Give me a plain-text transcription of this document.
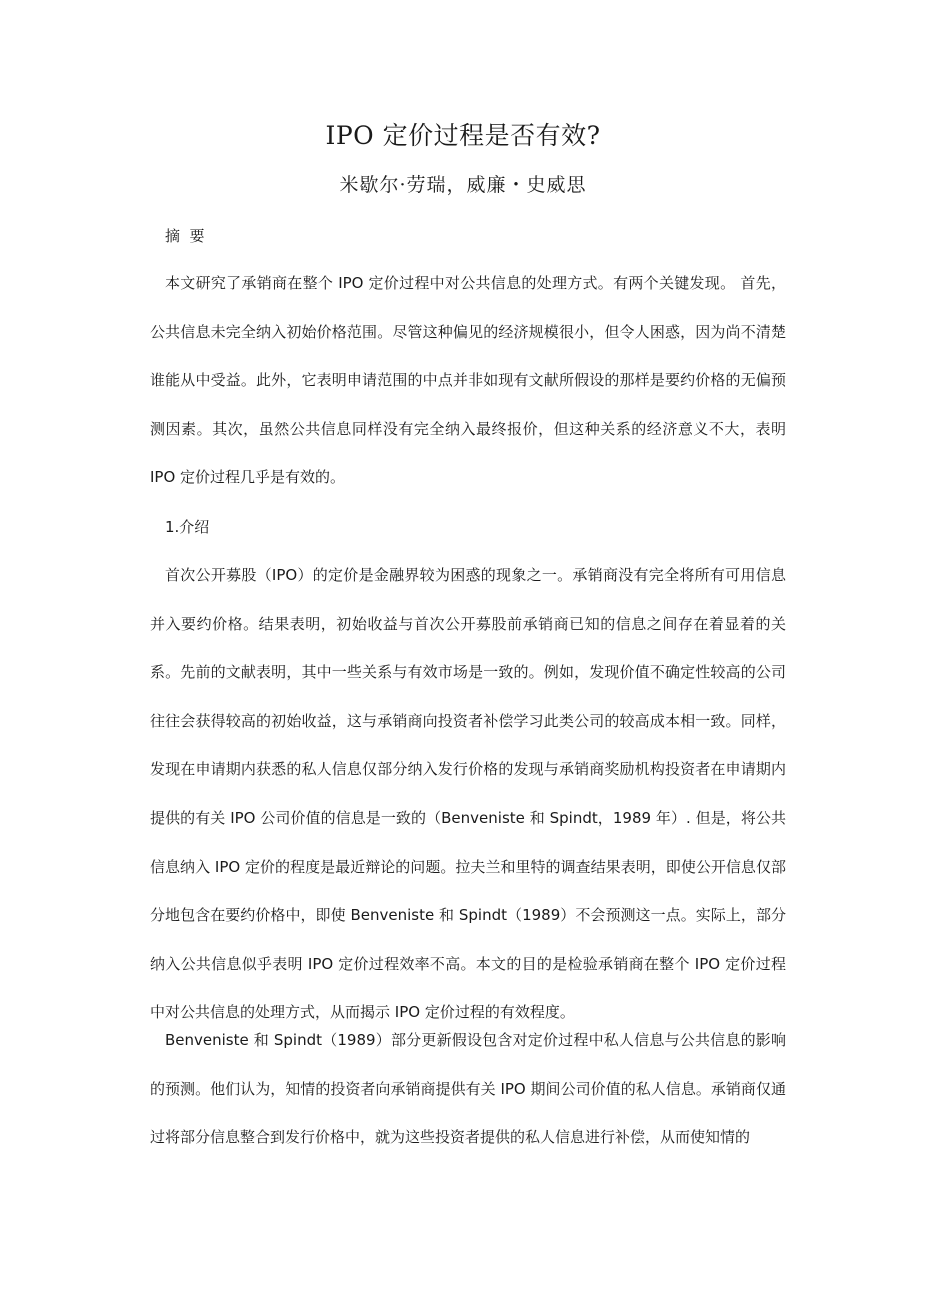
IPO 定价过程是否有效?
米歇尔·劳瑞，威廉・史威思

摘  要

本文研究了承销商在整个 IPO 定价过程中对公共信息的处理方式。有两个关键发现。 首先，公共信息未完全纳入初始价格范围。尽管这种偏见的经济规模很小，但令人困惑，因为尚不清楚谁能从中受益。此外，它表明申请范围的中点并非如现有文献所假设的那样是要约价格的无偏预测因素。其次，虽然公共信息同样没有完全纳入最终报价，但这种关系的经济意义不大，表明 IPO 定价过程几乎是有效的。

1.介绍

首次公开募股（IPO）的定价是金融界较为困惑的现象之一。承销商没有完全将所有可用信息并入要约价格。结果表明，初始收益与首次公开募股前承销商已知的信息之间存在着显着的关系。先前的文献表明，其中一些关系与有效市场是一致的。例如，发现价值不确定性较高的公司往往会获得较高的初始收益，这与承销商向投资者补偿学习此类公司的较高成本相一致。同样，发现在申请期内获悉的私人信息仅部分纳入发行价格的发现与承销商奖励机构投资者在申请期内提供的有关 IPO 公司价值的信息是一致的（Benveniste 和 Spindt，1989 年）. 但是，将公共信息纳入 IPO 定价的程度是最近辩论的问题。拉夫兰和里特的调查结果表明，即使公开信息仅部分地包含在要约价格中，即使 Benveniste 和 Spindt（1989）不会预测这一点。实际上，部分纳入公共信息似乎表明 IPO 定价过程效率不高。本文的目的是检验承销商在整个 IPO 定价过程中对公共信息的处理方式，从而揭示 IPO 定价过程的有效程度。

Benveniste 和 Spindt（1989）部分更新假设包含对定价过程中私人信息与公共信息的影响的预测。他们认为，知情的投资者向承销商提供有关 IPO 期间公司价值的私人信息。承销商仅通过将部分信息整合到发行价格中，就为这些投资者提供的私人信息进行补偿，从而使知情的
